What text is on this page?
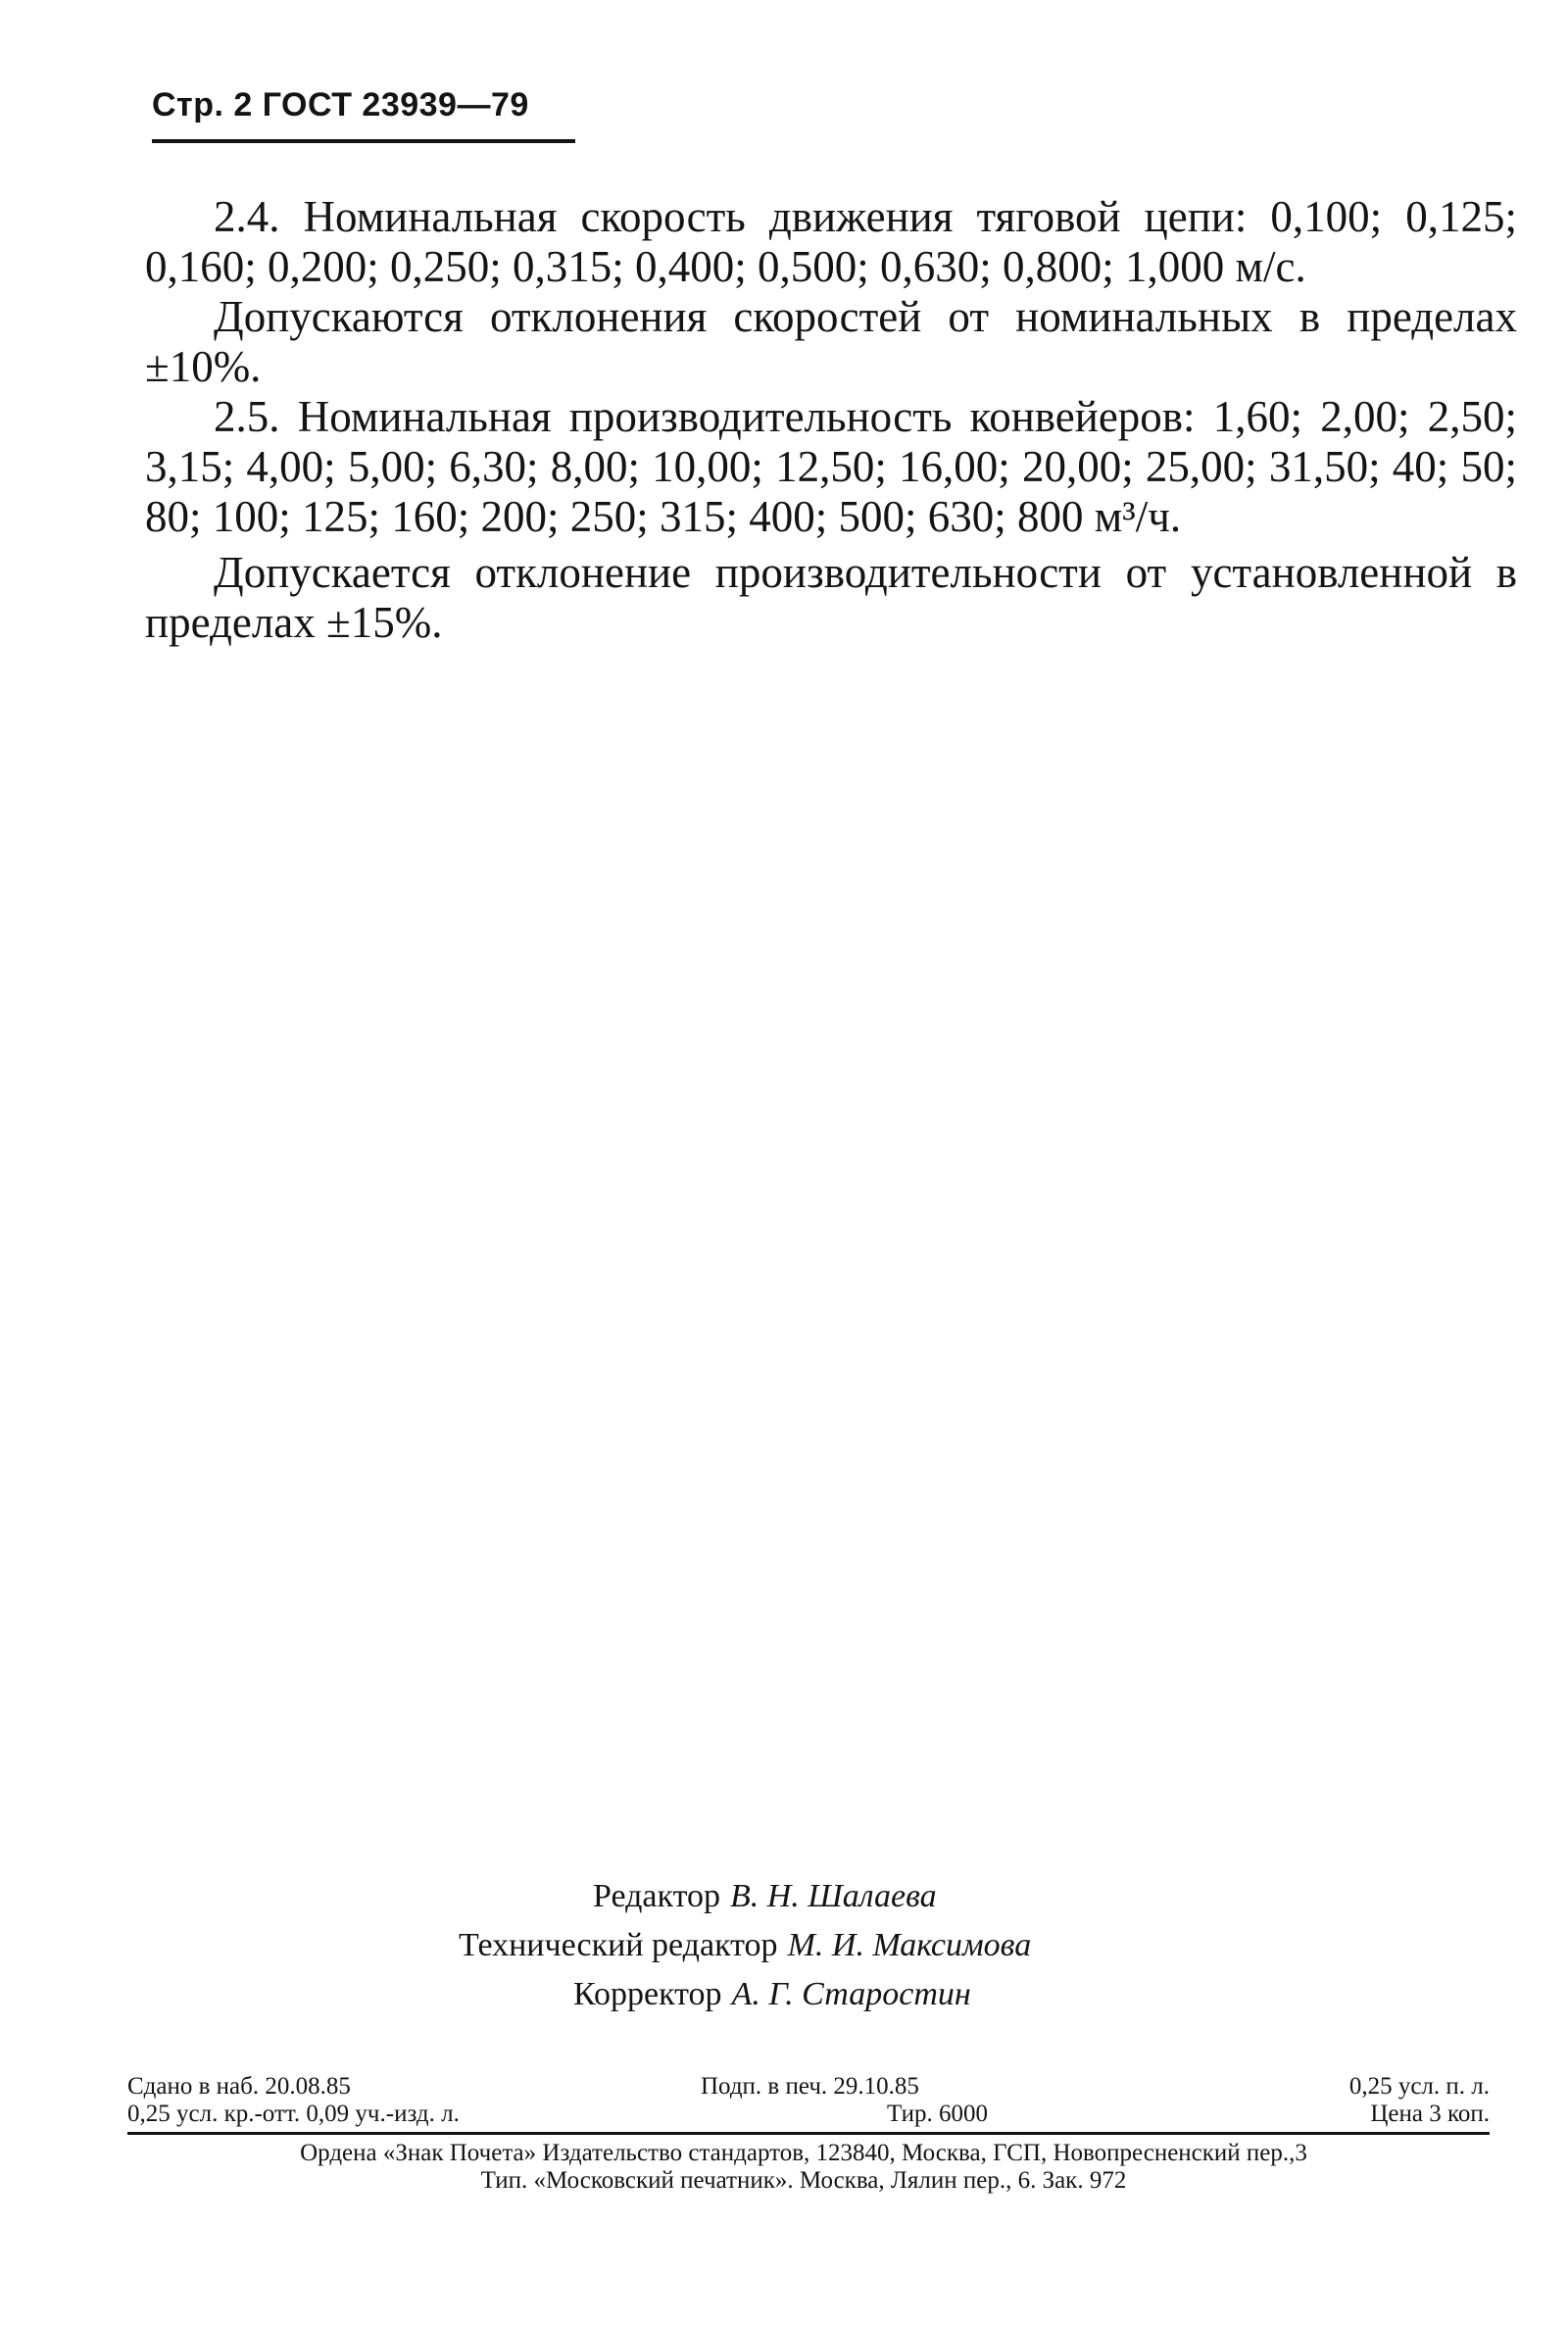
Стр. 2 ГОСТ 23939—79

2.4. Номинальная скорость движения тяговой цепи: 0,100; 0,125; 0,160; 0,200; 0,250; 0,315; 0,400; 0,500; 0,630; 0,800; 1,000 м/с.

Допускаются отклонения скоростей от номинальных в пределах ±10%.

2.5. Номинальная производительность конвейеров: 1,60; 2,00; 2,50; 3,15; 4,00; 5,00; 6,30; 8,00; 10,00; 12,50; 16,00; 20,00; 25,00; 31,50; 40; 50; 80; 100; 125; 160; 200; 250; 315; 400; 500; 630; 800 м³/ч.

Допускается отклонение производительности от установленной в пределах ±15%.

Редактор В. Н. Шалаева
Технический редактор М. И. Максимова
Корректор А. Г. Старостин
Сдано в наб. 20.08.85	Подп. в печ. 29.10.85	0,25 усл. п. л.
0,25 усл. кр.-отт. 0,09 уч.-изд. л.	Тир. 6000	Цена 3 коп.
Ордена «Знак Почета» Издательство стандартов, 123840, Москва, ГСП, Новопресненский пер.,3
Тип. «Московский печатник». Москва, Лялин пер., 6. Зак. 972
